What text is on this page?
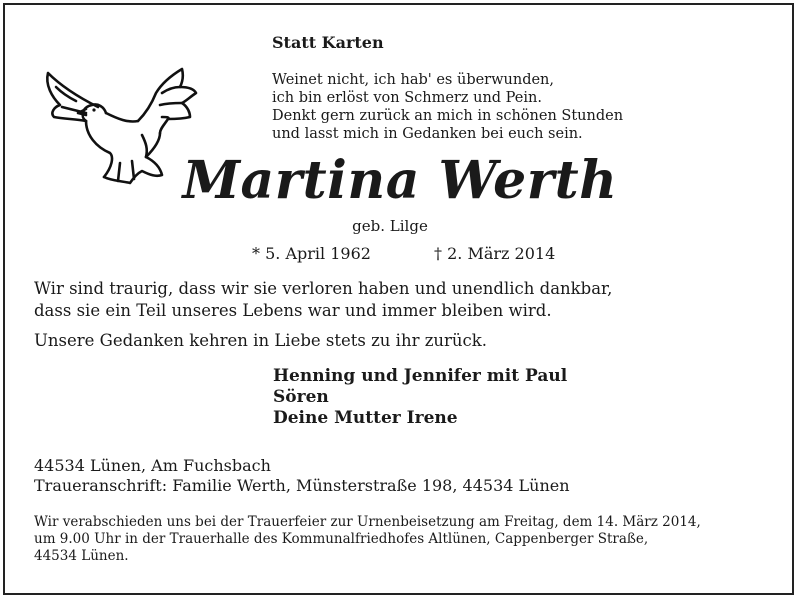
Statt Karten
Weinet nicht, ich hab' es überwunden,
ich bin erlöst von Schmerz und Pein.
Denkt gern zurück an mich in schönen Stunden
und lasst mich in Gedanken bei euch sein.
Martina Werth
geb. Lilge
* 5. April 1962	† 2. März 2014
Wir sind traurig, dass wir sie verloren haben und unendlich dankbar,
dass sie ein Teil unseres Lebens war und immer bleiben wird.
Unsere Gedanken kehren in Liebe stets zu ihr zurück.
Henning und Jennifer mit Paul
Sören
Deine Mutter Irene
44534 Lünen, Am Fuchsbach
Traueranschrift: Familie Werth, Münsterstraße 198, 44534 Lünen
Wir verabschieden uns bei der Trauerfeier zur Urnenbeisetzung am Freitag, dem 14. März 2014,
um 9.00 Uhr in der Trauerhalle des Kommunalfriedhofes Altlünen, Cappenberger Straße,
44534 Lünen.
